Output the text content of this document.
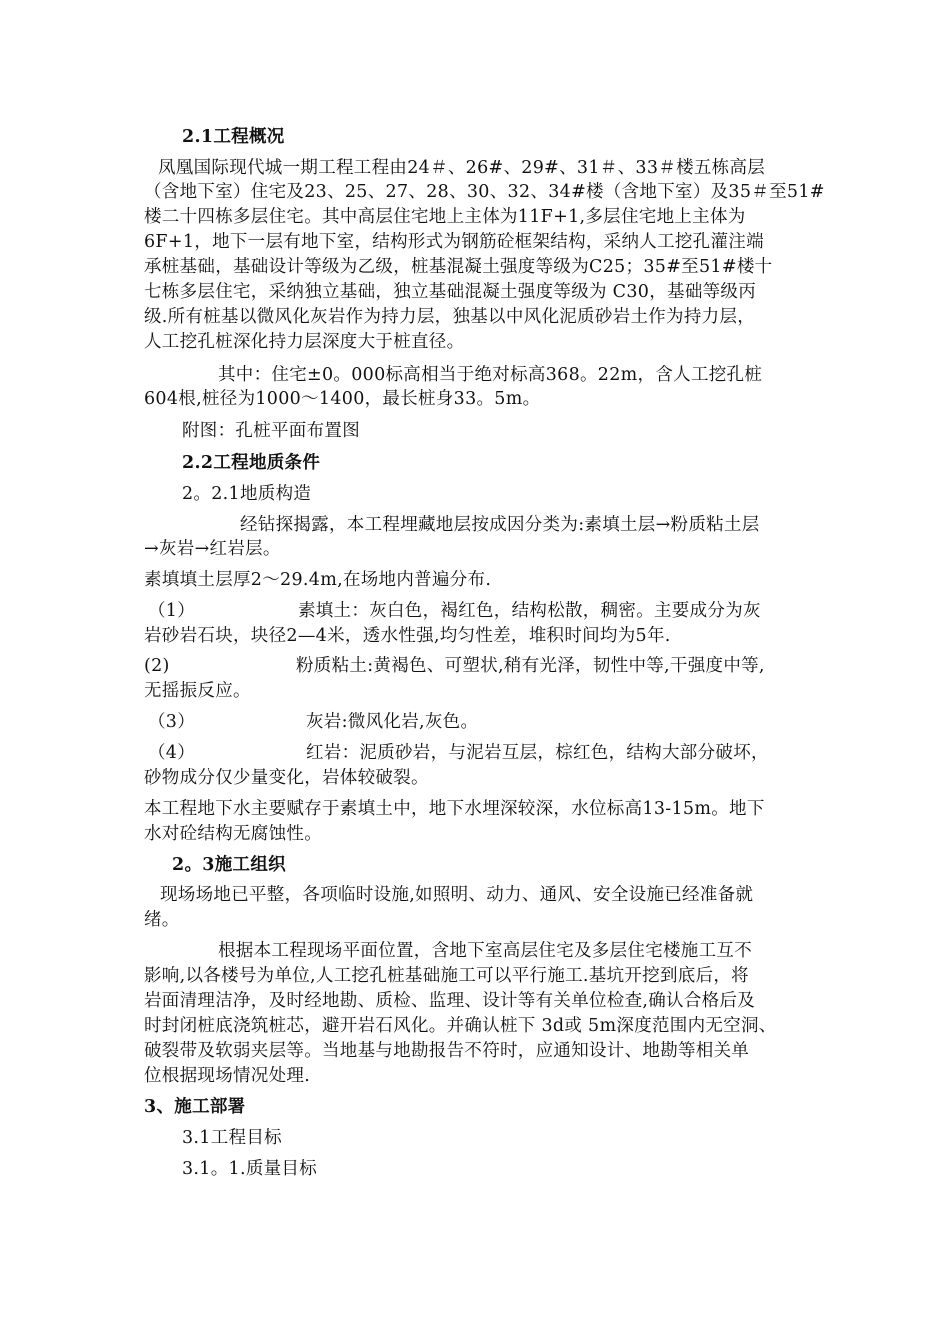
2.1工程概况
凤凰国际现代城一期工程工程由24＃、26#、29#、31＃、33＃楼五栋高层
（含地下室）住宅及23、25、27、28、30、32、34#楼（含地下室）及35＃至51#
楼二十四栋多层住宅。其中高层住宅地上主体为11F+1,多层住宅地上主体为
6F+1，地下一层有地下室，结构形式为钢筋砼框架结构，采纳人工挖孔灌注端
承桩基础，基础设计等级为乙级，桩基混凝土强度等级为C25；35#至51#楼十
七栋多层住宅，采纳独立基础，独立基础混凝土强度等级为 C30，基础等级丙
级.所有桩基以微风化灰岩作为持力层，独基以中风化泥质砂岩土作为持力层，
人工挖孔桩深化持力层深度大于桩直径。
其中：住宅±0。000标高相当于绝对标高368。22m，含人工挖孔桩
604根,桩径为1000～1400，最长桩身33。5m。
附图：孔桩平面布置图
2.2工程地质条件
2。2.1地质构造
经钻探揭露，本工程埋藏地层按成因分类为:素填土层→粉质粘土层
→灰岩→红岩层。
素填填土层厚2～29.4m,在场地内普遍分布.
（1）	素填土：灰白色，褐红色，结构松散，稠密。主要成分为灰
岩砂岩石块，块径2—4米，透水性强,均匀性差，堆积时间均为5年.
(2)	粉质粘土:黄褐色、可塑状,稍有光泽，韧性中等,干强度中等,
无摇振反应。
（3）	灰岩:微风化岩,灰色。
（4）	红岩：泥质砂岩，与泥岩互层，棕红色，结构大部分破坏，
砂物成分仅少量变化，岩体较破裂。
本工程地下水主要赋存于素填土中，地下水埋深较深，水位标高13-15m。地下
水对砼结构无腐蚀性。
2。3施工组织
现场场地已平整，各项临时设施,如照明、动力、通风、安全设施已经准备就
绪。
根据本工程现场平面位置，含地下室高层住宅及多层住宅楼施工互不
影响,以各楼号为单位,人工挖孔桩基础施工可以平行施工.基坑开挖到底后，将
岩面清理洁净，及时经地勘、质检、监理、设计等有关单位检查,确认合格后及
时封闭桩底浇筑桩芯，避开岩石风化。并确认桩下 3d或 5m深度范围内无空洞、
破裂带及软弱夹层等。当地基与地勘报告不符时，应通知设计、地勘等相关单
位根据现场情况处理.
3、施工部署
3.1工程目标
3.1。1.质量目标
